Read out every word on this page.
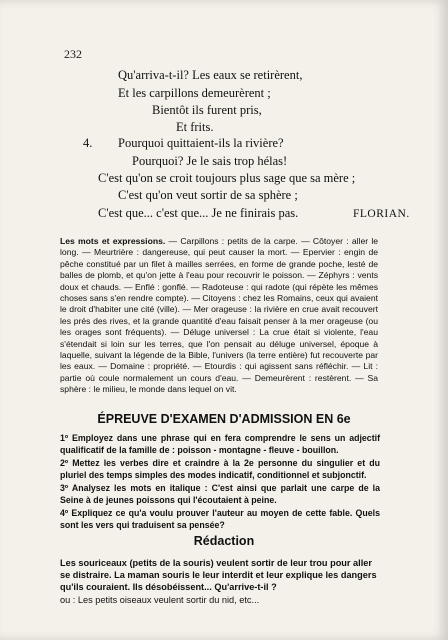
232
Qu'arriva-t-il? Les eaux se retirèrent,
Et les carpillons demeurèrent ;
Bientôt ils furent pris,
Et frits.
4. Pourquoi quittaient-ils la rivière?
Pourquoi? Je le sais trop hélas!
C'est qu'on se croit toujours plus sage que sa mère ;
C'est qu'on veut sortir de sa sphère ;
C'est que... c'est que... Je ne finirais pas.	FLORIAN.
Les mots et expressions. — Carpillons : petits de la carpe. — Côtoyer : aller le long. — Meurtrière : dangereuse, qui peut causer la mort. — Epervier : engin de pêche constitué par un filet à mailles serrées, en forme de grande poche, lesté de balles de plomb, et qu'on jette à l'eau pour recouvrir le poisson. — Zéphyrs : vents doux et chauds. — Enflé : gonflé. — Radoteuse : qui radote (qui répète les mêmes choses sans s'en rendre compte). — Citoyens : chez les Romains, ceux qui avaient le droit d'habiter une cité (ville). — Mer orageuse : la rivière en crue avait recouvert les prés des rives, et la grande quantité d'eau faisait penser à la mer orageuse (ou les orages sont fréquents). — Déluge universel : La crue était si violente, l'eau s'étendait si loin sur les terres, que l'on pensait au déluge universel, époque à laquelle, suivant la légende de la Bible, l'univers (la terre entière) fut recouverte par les eaux. — Domaine : propriété. — Etourdis : qui agissent sans réfléchir. — Lit : partie où coule normalement un cours d'eau. — Demeurèrent : restèrent. — Sa sphère : le milieu, le monde dans lequel on vit.
ÉPREUVE D'EXAMEN D'ADMISSION EN 6e
1º Employez dans une phrase qui en fera comprendre le sens un adjectif qualificatif de la famille de : poisson - montagne - fleuve - bouillon.
2º Mettez les verbes dire et craindre à la 2e personne du singulier et du pluriel des temps simples des modes indicatif, conditionnel et subjonctif.
3º Analysez les mots en italique : C'est ainsi que parlait une carpe de la Seine à de jeunes poissons qui l'écoutaient à peine.
4º Expliquez ce qu'a voulu prouver l'auteur au moyen de cette fable. Quels sont les vers qui traduisent sa pensée?
Rédaction
Les souriceaux (petits de la souris) veulent sortir de leur trou pour aller se distraire. La maman souris le leur interdit et leur explique les dangers qu'ils couraient. Ils désobéissent... Qu'arrive-t-il ?
ou : Les petits oiseaux veulent sortir du nid, etc...
